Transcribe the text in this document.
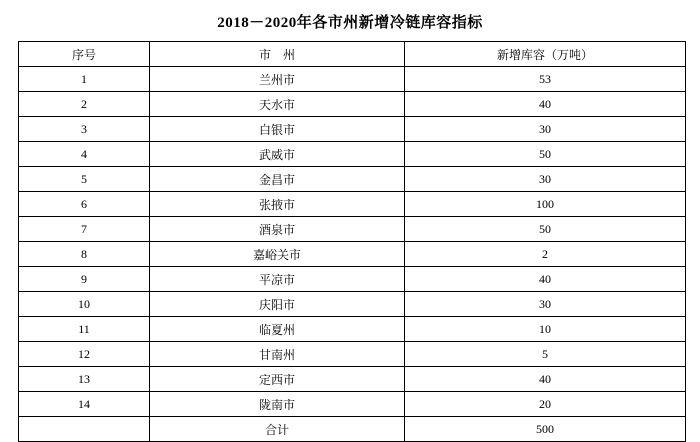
2018－2020年各市州新增冷链库容指标
序号	市　州	新增库容（万吨）
1	兰州市	53
2	天水市	40
3	白银市	30
4	武威市	50
5	金昌市	30
6	张掖市	100
7	酒泉市	50
8	嘉峪关市	2
9	平凉市	40
10	庆阳市	30
11	临夏州	10
12	甘南州	5
13	定西市	40
14	陇南市	20
	合计	500
